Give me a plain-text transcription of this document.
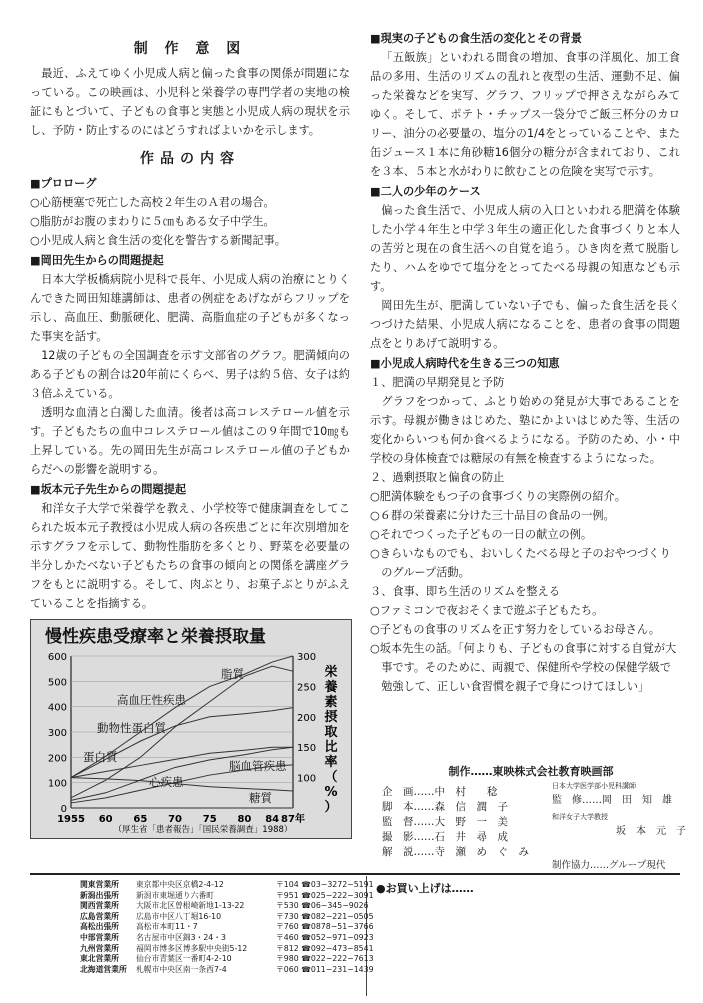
制 作 意 図

最近、ふえてゆく小児成人病と偏った食事の関係が問題になっている。この映画は、小児科と栄養学の専門学者の実地の検証にもとづいて、子どもの食事と実態と小児成人病の現状を示し、予防・防止するのにはどうすればよいかを示します。

作品の内容
■プロローグ
○心筋梗塞で死亡した高校２年生のＡ君の場合。
○脂肪がお腹のまわりに５㎝もある女子中学生。
○小児成人病と食生活の変化を警告する新聞記事。
■岡田先生からの問題提起

日本大学板橋病院小児科で長年、小児成人病の治療にとりくんできた岡田知雄講師は、患者の例症をあげながらフリップを示し、高血圧、動脈硬化、肥満、高脂血症の子どもが多くなった事実を話す。

12歳の子どもの全国調査を示す文部省のグラフ。肥満傾向のある子どもの割合は20年前にくらべ、男子は約５倍、女子は約３倍ふえている。

透明な血清と白濁した血清。後者は高コレステロール値を示す。子どもたちの血中コレステロール値はこの９年間で10㎎も上昇している。先の岡田先生が高コレステロール値の子どもからだへの影響を説明する。

■坂本元子先生からの問題提起

和洋女子大学で栄養学を教え、小学校等で健康調査をしてこられた坂本元子教授は小児成人病の各疾患ごとに年次別増加を示すグラフを示して、動物性脂肪を多くとり、野菜を必要量の半分しかたべない子どもたちの食事の傾向との関係を講座グラフをもとに説明する。そして、肉ぶとり、お菓子ぶとりがふえていることを指摘する。

慢性疾患受療率と栄養摂取量
0
100
200
300
400
500
600
100
150
200
250
300
1955 60 65 70 75 80 84 87年
栄
養
素
摂
取
比
率
（
%
）
脂質
高血圧性疾患
動物性蛋白質
蛋白質
脳血管疾患
心疾患
糖質
（厚生省「患者報告」「国民栄養調査」1988）
■現実の子どもの食生活の変化とその背景

「五飯族」といわれる間食の増加、食事の洋風化、加工食品の多用、生活のリズムの乱れと夜型の生活、運動不足、偏った栄養などを実写、グラフ、フリップで押さえながらみてゆく。そして、ポテト・チップス一袋分でご飯三杯分のカロリー、油分の必要量の、塩分の1/4をとっていることや、また缶ジュース１本に角砂糖16個分の糖分が含まれており、これを３本、５本と水がわりに飲むことの危険を実写で示す。

■二人の少年のケース

偏った食生活で、小児成人病の入口といわれる肥満を体験した小学４年生と中学３年生の適正化した食事づくりと本人の苦労と現在の食生活への自覚を追う。ひき肉を煮て脱脂したり、ハムをゆでて塩分をとってたべる母親の知恵なども示す。

岡田先生が、肥満していない子でも、偏った食生活を長くつづけた結果、小児成人病になることを、患者の食事の問題点をとりあげて説明する。

■小児成人病時代を生きる三つの知恵
１、肥満の早期発見と予防

グラフをつかって、ふとり始めの発見が大事であることを示す。母親が働きはじめた、塾にかよいはじめた等、生活の変化からいつも何か食べるようになる。予防のため、小・中学校の身体検査では糖尿の有無を検査するようになった。

２、過剰摂取と偏食の防止
○肥満体験をもつ子の食事づくりの実際例の紹介。
○６群の栄養素に分けた三十品目の食品の一例。
○それでつくった子どもの一日の献立の例。
○きらいなものでも、おいしくたべる母と子のおやつづくりのグループ活動。
３、食事、即ち生活のリズムを整える
○ファミコンで夜おそくまで遊ぶ子どもたち。
○子どもの食事のリズムを正す努力をしているお母さん。
○坂本先生の話。「何よりも、子どもの食事に対する自覚が大事です。そのために、両親で、保健所や学校の保健学級で勉強して、正しい食習慣を親子で身につけてほしい」
制作……東映株式会社教育映画部
企　画……中　村　　稔
脚　本……森　信　潤　子
監　督……大　野　一　美
撮　影……石　井　尋　成
解　説……寺　瀬　め　ぐ　み
日本大学医学部小児科講師
監　修……岡　田　知　雄
和洋女子大学教授
坂　本　元　子
制作協力……グループ現代
関東営業所	東京都中央区京橋2-4-12	〒104 ☎03−3272−5191
新潟出張所	新潟市東堀通り六番町	〒951 ☎025−222−3091
関西営業所	大阪市北区曽根崎新地1-13-22	〒530 ☎06−345−9026
広島営業所	広島市中区八丁堀16-10	〒730 ☎082−221−0505
高松出張所	高松市本町11・7	〒760 ☎0878−51−3766
中部営業所	名古屋市中区錦3・24・3	〒460 ☎052−971−0923
九州営業所	福岡市博多区博多駅中央街5-12	〒812 ☎092−473−8541
東北営業所	仙台市青葉区一番町4-2-10	〒980 ☎022−222−7613
北海道営業所	札幌市中央区南一条西7-4	〒060 ☎011−231−1439
●お買い上げは……
